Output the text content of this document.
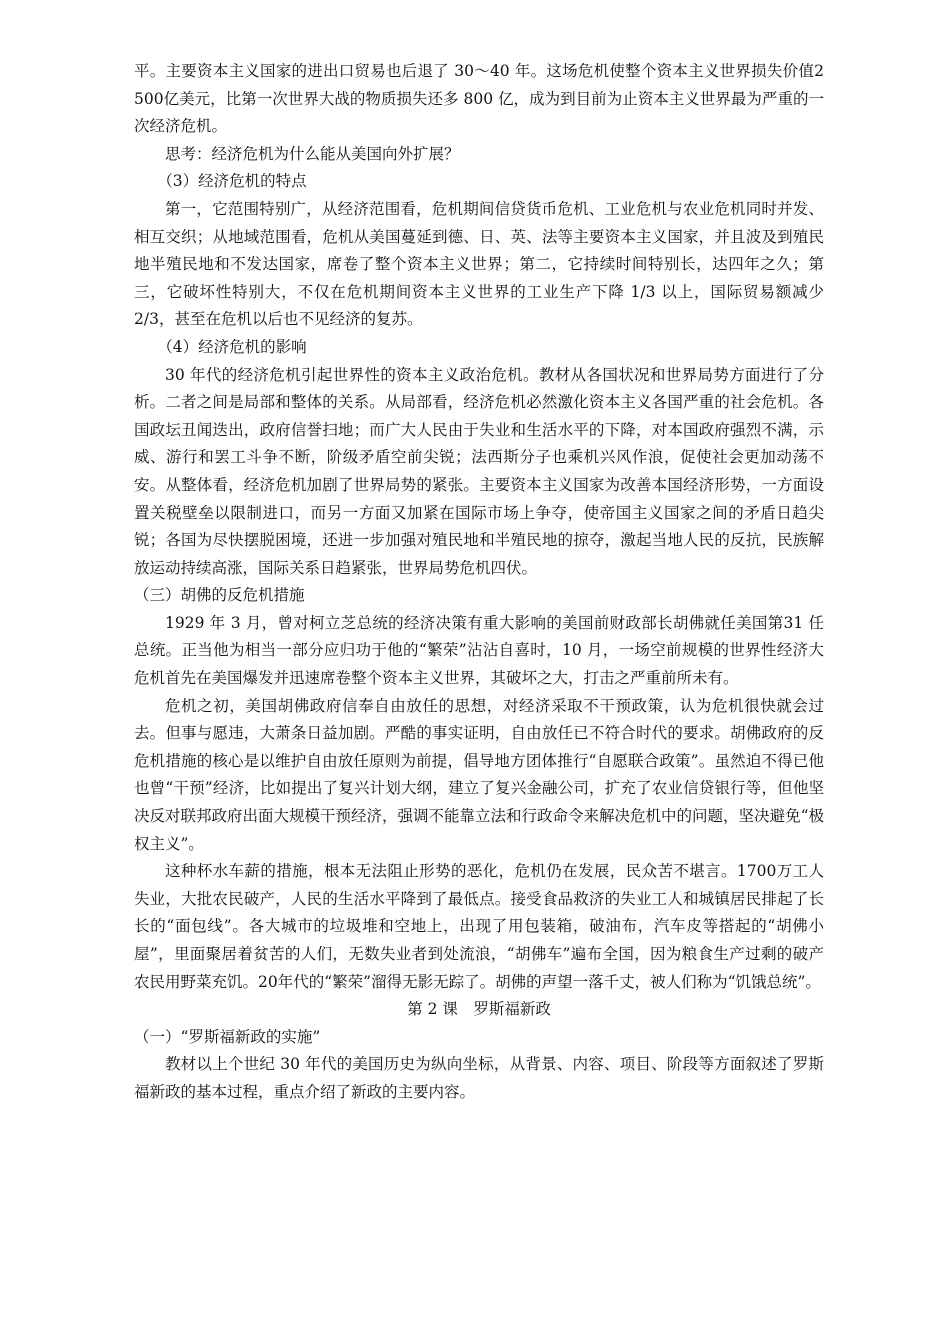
平。主要资本主义国家的进出口贸易也后退了 30～40 年。这场危机使整个资本主义世界损失价值2 500亿美元，比第一次世界大战的物质损失还多 800 亿，成为到目前为止资本主义世界最为严重的一次经济危机。

思考：经济危机为什么能从美国向外扩展？

（3）经济危机的特点

第一，它范围特别广，从经济范围看，危机期间信贷货币危机、工业危机与农业危机同时并发、相互交织；从地域范围看，危机从美国蔓延到德、日、英、法等主要资本主义国家，并且波及到殖民地半殖民地和不发达国家，席卷了整个资本主义世界；第二，它持续时间特别长，达四年之久；第三，它破坏性特别大，不仅在危机期间资本主义世界的工业生产下降 1/3 以上，国际贸易额减少 2/3，甚至在危机以后也不见经济的复苏。

（4）经济危机的影响

30 年代的经济危机引起世界性的资本主义政治危机。教材从各国状况和世界局势方面进行了分析。二者之间是局部和整体的关系。从局部看，经济危机必然激化资本主义各国严重的社会危机。各国政坛丑闻迭出，政府信誉扫地；而广大人民由于失业和生活水平的下降，对本国政府强烈不满，示威、游行和罢工斗争不断，阶级矛盾空前尖锐；法西斯分子也乘机兴风作浪，促使社会更加动荡不安。从整体看，经济危机加剧了世界局势的紧张。主要资本主义国家为改善本国经济形势，一方面设置关税壁垒以限制进口，而另一方面又加紧在国际市场上争夺，使帝国主义国家之间的矛盾日趋尖锐；各国为尽快摆脱困境，还进一步加强对殖民地和半殖民地的掠夺，激起当地人民的反抗，民族解放运动持续高涨，国际关系日趋紧张，世界局势危机四伏。

（三）胡佛的反危机措施

1929 年 3 月，曾对柯立芝总统的经济决策有重大影响的美国前财政部长胡佛就任美国第31 任总统。正当他为相当一部分应归功于他的“繁荣”沾沾自喜时，10 月，一场空前规模的世界性经济大危机首先在美国爆发并迅速席卷整个资本主义世界，其破坏之大，打击之严重前所未有。

危机之初，美国胡佛政府信奉自由放任的思想，对经济采取不干预政策，认为危机很快就会过去。但事与愿违，大萧条日益加剧。严酷的事实证明，自由放任已不符合时代的要求。胡佛政府的反危机措施的核心是以维护自由放任原则为前提，倡导地方团体推行“自愿联合政策”。虽然迫不得已他也曾“干预”经济，比如提出了复兴计划大纲，建立了复兴金融公司，扩充了农业信贷银行等，但他坚决反对联邦政府出面大规模干预经济，强调不能靠立法和行政命令来解决危机中的问题，坚决避免“极权主义”。

这种杯水车薪的措施，根本无法阻止形势的恶化，危机仍在发展，民众苦不堪言。1700万工人失业，大批农民破产，人民的生活水平降到了最低点。接受食品救济的失业工人和城镇居民排起了长长的“面包线”。各大城市的垃圾堆和空地上，出现了用包装箱，破油布，汽车皮等搭起的“胡佛小屋”，里面聚居着贫苦的人们，无数失业者到处流浪，“胡佛车”遍布全国，因为粮食生产过剩的破产农民用野菜充饥。20年代的“繁荣”溜得无影无踪了。胡佛的声望一落千丈，被人们称为“饥饿总统”。

第 2 课　罗斯福新政

（一）“罗斯福新政的实施”

教材以上个世纪 30 年代的美国历史为纵向坐标，从背景、内容、项目、阶段等方面叙述了罗斯福新政的基本过程，重点介绍了新政的主要内容。
